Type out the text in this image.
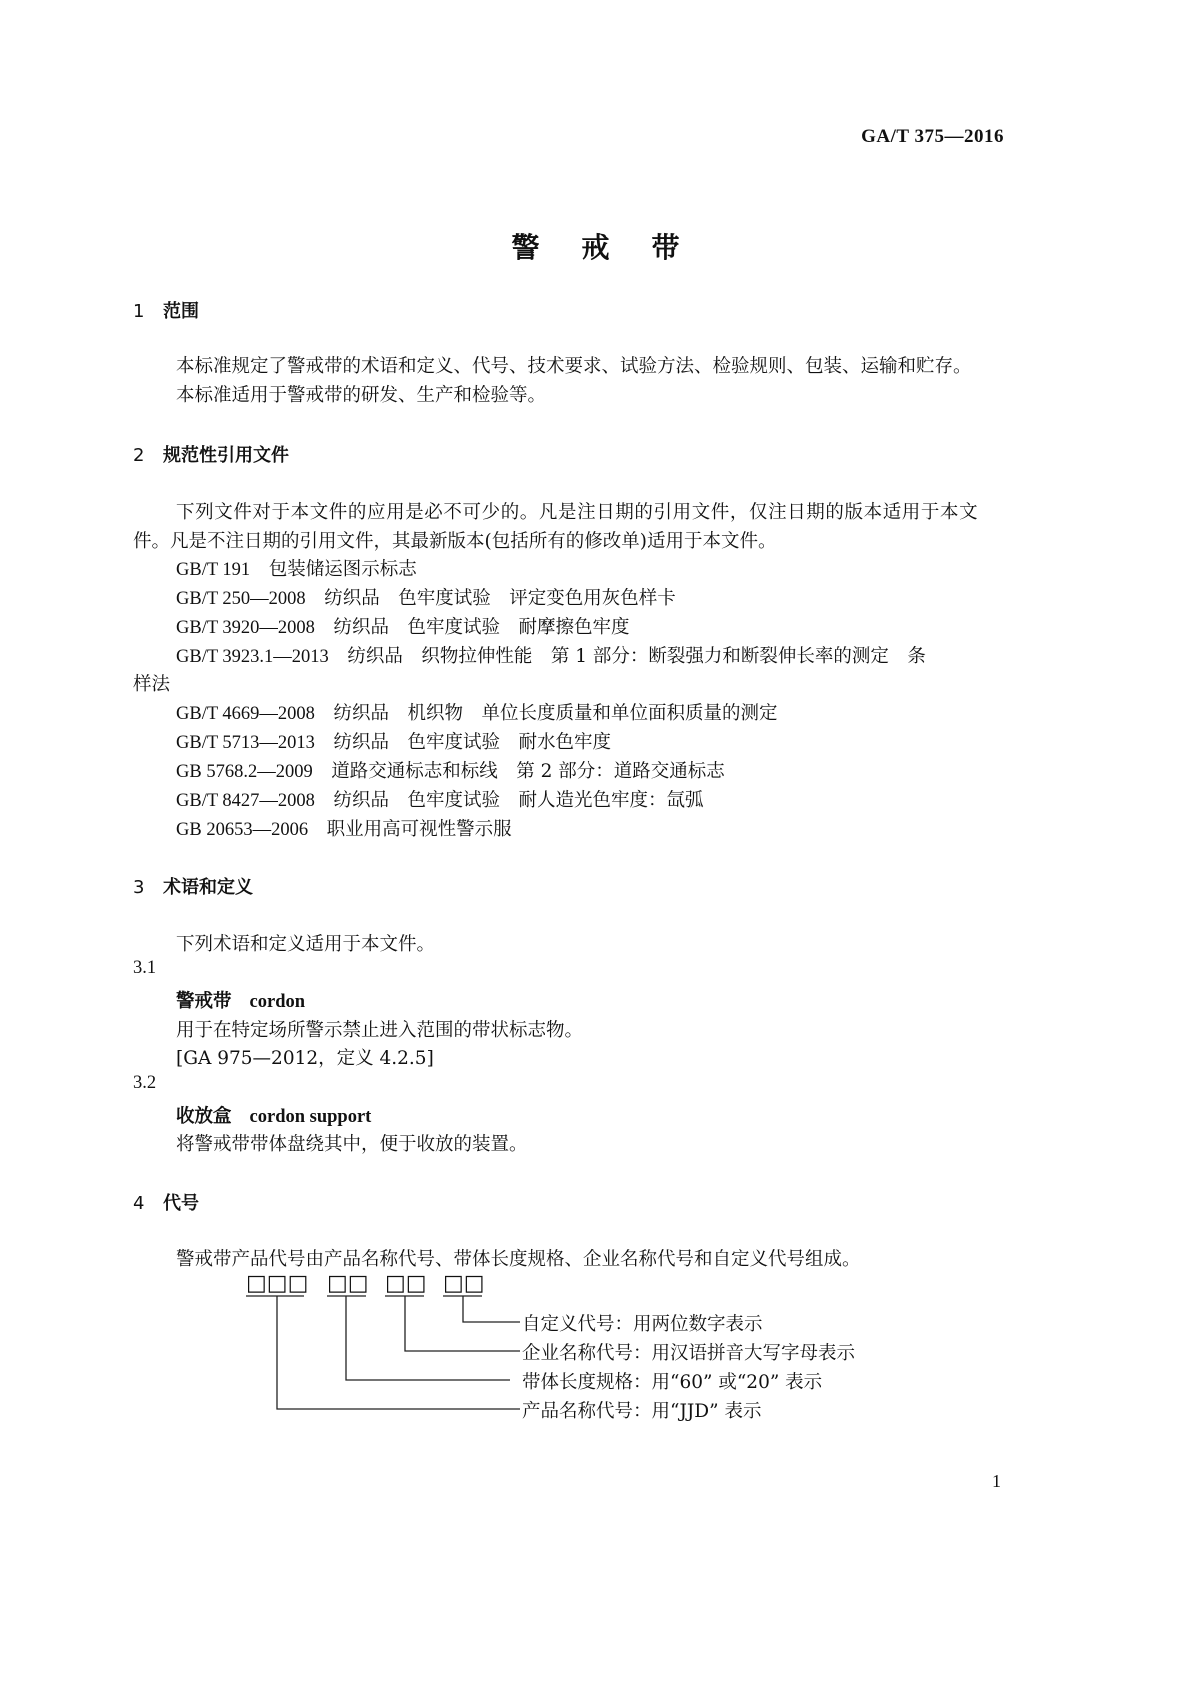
GA/T 375—2016
警戒带
1 范围
本标准规定了警戒带的术语和定义、代号、技术要求、试验方法、检验规则、包装、运输和贮存。
本标准适用于警戒带的研发、生产和检验等。
2 规范性引用文件
下列文件对于本文件的应用是必不可少的。凡是注日期的引用文件，仅注日期的版本适用于本文
件。凡是不注日期的引用文件，其最新版本(包括所有的修改单)适用于本文件。
GB/T 191　 包装储运图示标志
GB/T 250—2008　 纺织品　色牢度试验　评定变色用灰色样卡
GB/T 3920—2008　 纺织品　色牢度试验　耐摩擦色牢度
GB/T 3923.1—2013　 纺织品　织物拉伸性能　第 1 部分：断裂强力和断裂伸长率的测定　条
样法
GB/T 4669—2008　 纺织品　机织物　单位长度质量和单位面积质量的测定
GB/T 5713—2013　 纺织品　色牢度试验　耐水色牢度
GB 5768.2—2009　 道路交通标志和标线　第 2 部分：道路交通标志
GB/T 8427—2008　 纺织品　色牢度试验　耐人造光色牢度：氙弧
GB 20653—2006　 职业用高可视性警示服
3 术语和定义
下列术语和定义适用于本文件。
3.1
警戒带 cordon
用于在特定场所警示禁止进入范围的带状标志物。
[GA 975—2012，定义 4.2.5]
3.2
收放盒 cordon support
将警戒带带体盘绕其中，便于收放的装置。
4 代号
警戒带产品代号由产品名称代号、带体长度规格、企业名称代号和自定义代号组成。
□□□ □□ □□ □□
自定义代号：用两位数字表示
企业名称代号：用汉语拼音大写字母表示
带体长度规格：用“60” 或“20” 表示
产品名称代号：用“JJD” 表示
1
